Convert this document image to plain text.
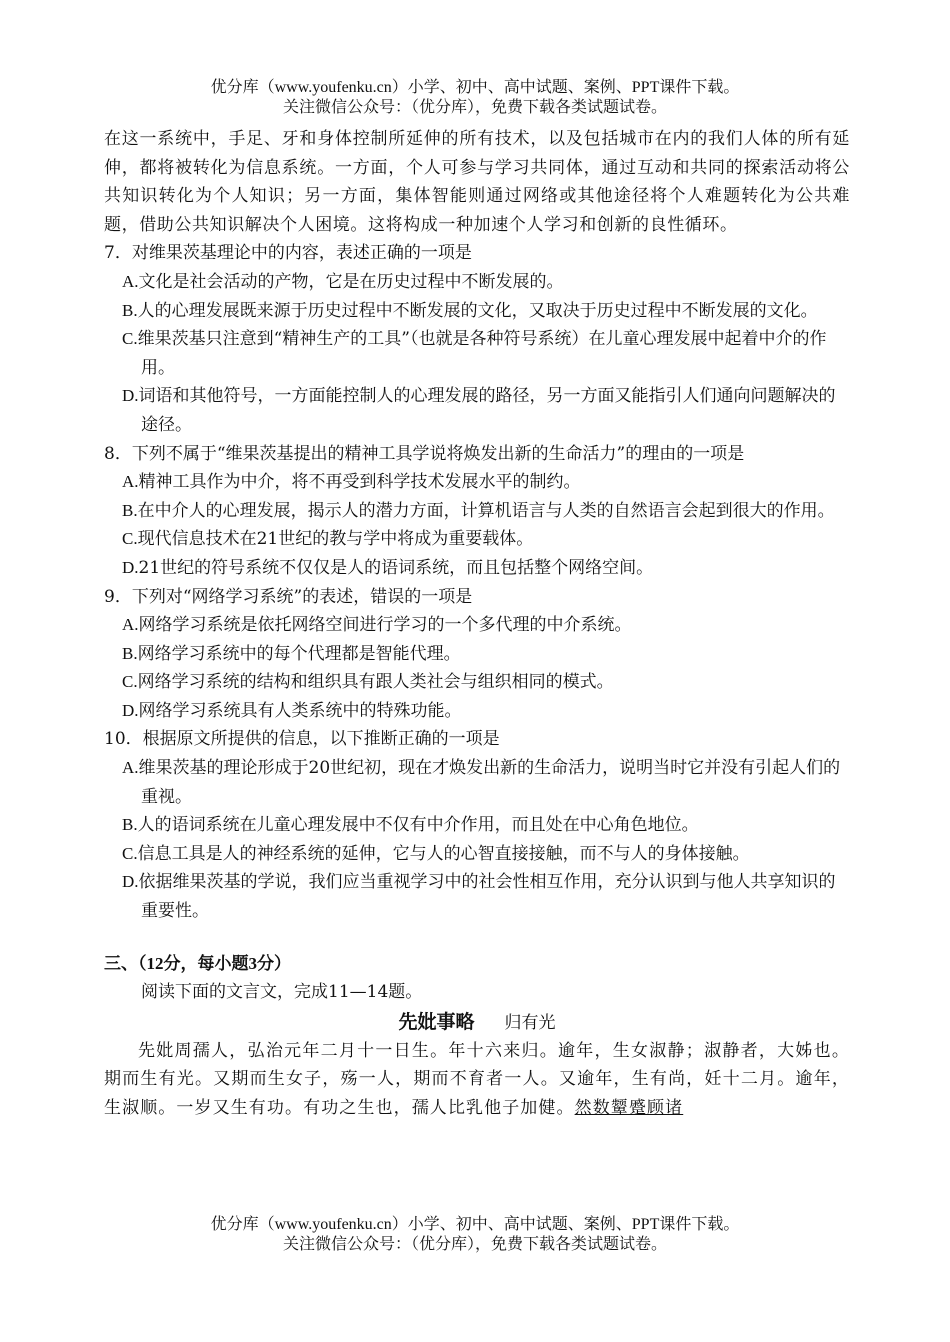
优分库（www.youfenku.cn）小学、初中、高中试题、案例、PPT课件下载。
关注微信公众号：（优分库），免费下载各类试题试卷。

在这一系统中，手足、牙和身体控制所延伸的所有技术，以及包括城市在内的我们人体的所有延伸，都将被转化为信息系统。一方面，个人可参与学习共同体，通过互动和共同的探索活动将公共知识转化为个人知识；另一方面，集体智能则通过网络或其他途径将个人难题转化为公共难题，借助公共知识解决个人困境。这将构成一种加速个人学习和创新的良性循环。

7．对维果茨基理论中的内容，表述正确的一项是

A.文化是社会活动的产物，它是在历史过程中不断发展的。

B.人的心理发展既来源于历史过程中不断发展的文化，又取决于历史过程中不断发展的文化。

C.维果茨基只注意到“精神生产的工具”（也就是各种符号系统）在儿童心理发展中起着中介的作用。

D.词语和其他符号，一方面能控制人的心理发展的路径，另一方面又能指引人们通向问题解决的途径。

8．下列不属于“维果茨基提出的精神工具学说将焕发出新的生命活力”的理由的一项是

A.精神工具作为中介，将不再受到科学技术发展水平的制约。

B.在中介人的心理发展，揭示人的潜力方面，计算机语言与人类的自然语言会起到很大的作用。

C.现代信息技术在21世纪的教与学中将成为重要载体。

D.21世纪的符号系统不仅仅是人的语词系统，而且包括整个网络空间。

9．下列对“网络学习系统”的表述，错误的一项是

A.网络学习系统是依托网络空间进行学习的一个多代理的中介系统。

B.网络学习系统中的每个代理都是智能代理。

C.网络学习系统的结构和组织具有跟人类社会与组织相同的模式。

D.网络学习系统具有人类系统中的特殊功能。

10．根据原文所提供的信息，以下推断正确的一项是

A.维果茨基的理论形成于20世纪初，现在才焕发出新的生命活力，说明当时它并没有引起人们的重视。

B.人的语词系统在儿童心理发展中不仅有中介作用，而且处在中心角色地位。

C.信息工具是人的神经系统的延伸，它与人的心智直接接触，而不与人的身体接触。

D.依据维果茨基的学说，我们应当重视学习中的社会性相互作用，充分认识到与他人共享知识的重要性。

三、（12分，每小题3分）

阅读下面的文言文，完成11—14题。

先妣事略 归有光

先妣周孺人，弘治元年二月十一日生。年十六来归。逾年，生女淑静；淑静者，大姊也。期而生有光。又期而生女子，殇一人，期而不育者一人。又逾年，生有尚，妊十二月。逾年，生淑顺。一岁又生有功。有功之生也，孺人比乳他子加健。然数颦蹙顾诸

优分库（www.youfenku.cn）小学、初中、高中试题、案例、PPT课件下载。
关注微信公众号：（优分库），免费下载各类试题试卷。
